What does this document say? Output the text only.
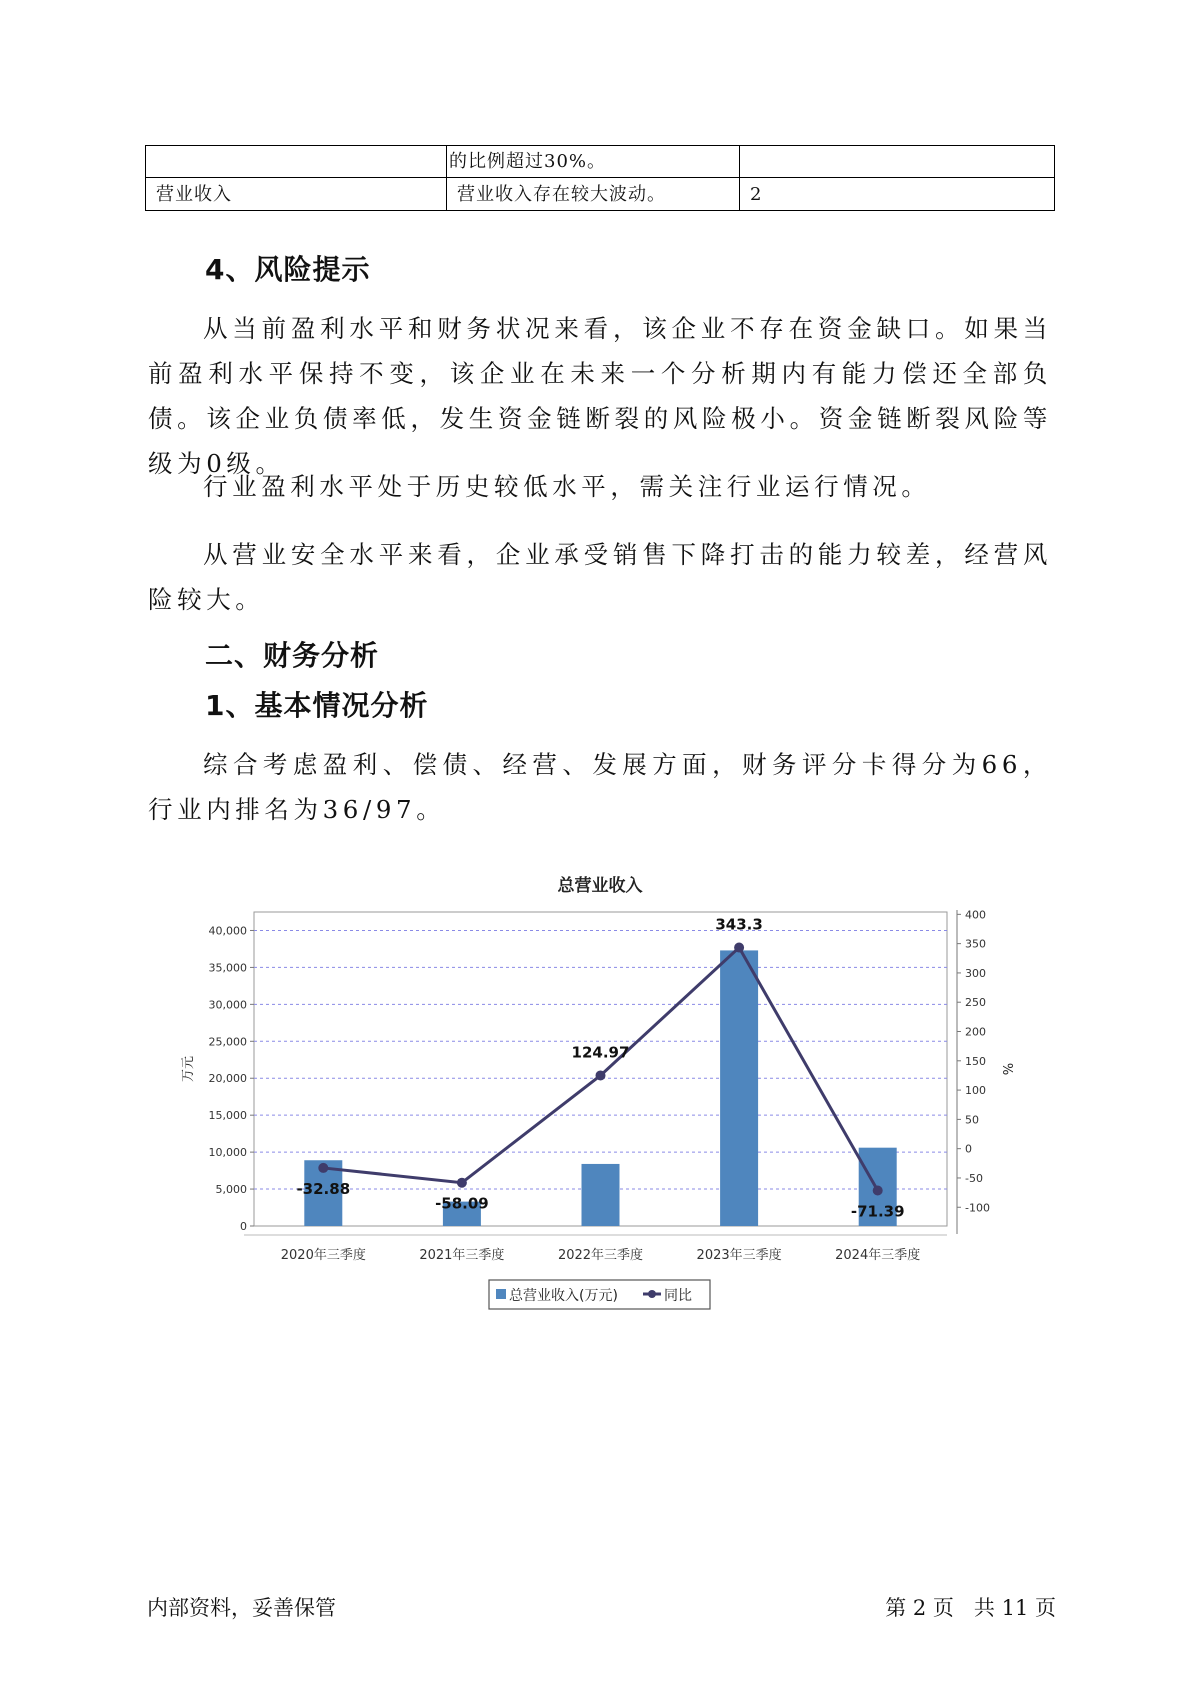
	的比例超过30%。	
营业收入	营业收入存在较大波动。	2
4、风险提示

从当前盈利水平和财务状况来看，该企业不存在资金缺口。如果当前盈利水平保持不变，该企业在未来一个分析期内有能力偿还全部负债。该企业负债率低，发生资金链断裂的风险极小。资金链断裂风险等级为0级。

行业盈利水平处于历史较低水平，需关注行业运行情况。

从营业安全水平来看，企业承受销售下降打击的能力较差，经营风险较大。

二、财务分析
1、基本情况分析

综合考虑盈利、偿债、经营、发展方面，财务评分卡得分为66，行业内排名为36/97。

总营业收入
0
5,000
10,000
15,000
20,000
25,000
30,000
35,000
40,000
-100
-50
0
50
100
150
200
250
300
350
400
万元	%
2020年三季度	2021年三季度	2022年三季度	2023年三季度	2024年三季度
-32.88
-58.09
124.97
343.3
-71.39
总营业收入(万元)	同比
内部资料，妥善保管	第 2 页   共 11 页
